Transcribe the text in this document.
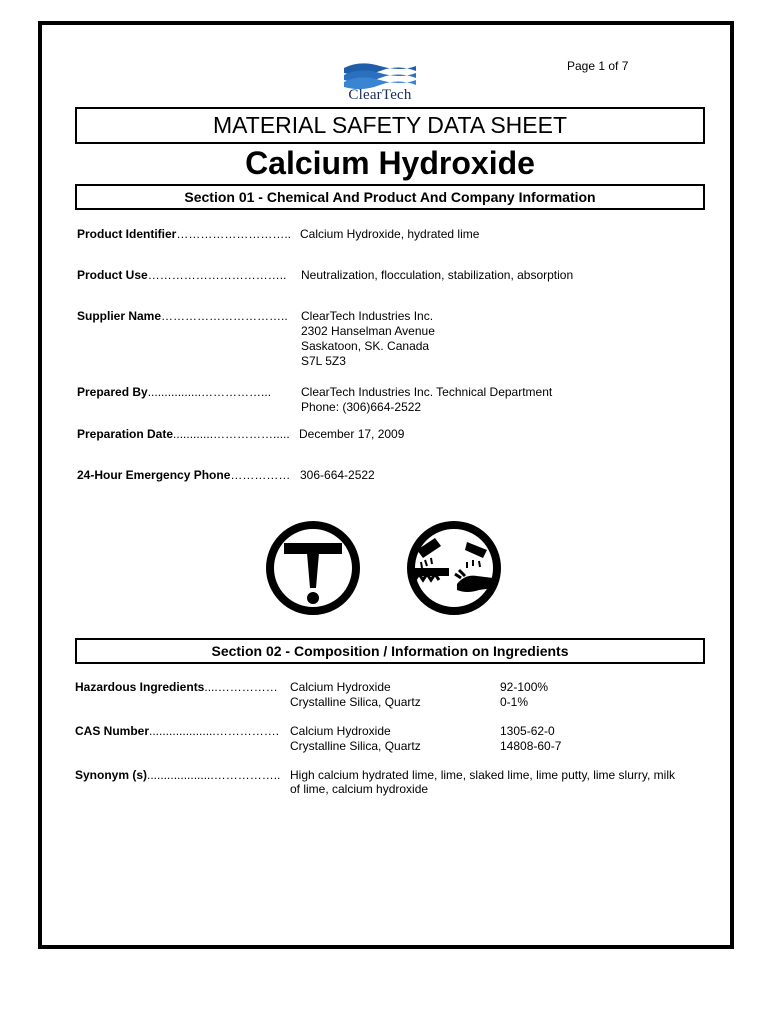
Page 1 of 7
ClearTech
MATERIAL SAFETY DATA SHEET
Calcium Hydroxide
Section 01 - Chemical And Product And Company Information
Product Identifier……………………….. Calcium Hydroxide, hydrated lime
Product Use…………………………….. Neutralization, flocculation, stabilization, absorption
Supplier Name………………………….. ClearTech Industries Inc.
2302 Hanselman Avenue
Saskatoon, SK. Canada
S7L 5Z3
Prepared By................……………... ClearTech Industries Inc. Technical Department
Phone: (306)664-2522
Preparation Date............……………..... December 17, 2009
24-Hour Emergency Phone…………… 306-664-2522
Section 02 - Composition / Information on Ingredients
Hazardous Ingredients....…………… Calcium Hydroxide	92-100%
Crystalline Silica, Quartz	0-1%
CAS Number....................……………. Calcium Hydroxide	1305-62-0
Crystalline Silica, Quartz	14808-60-7
Synonym (s)....................…………….. High calcium hydrated lime, lime, slaked lime, lime putty, lime slurry, milk
of lime, calcium hydroxide
